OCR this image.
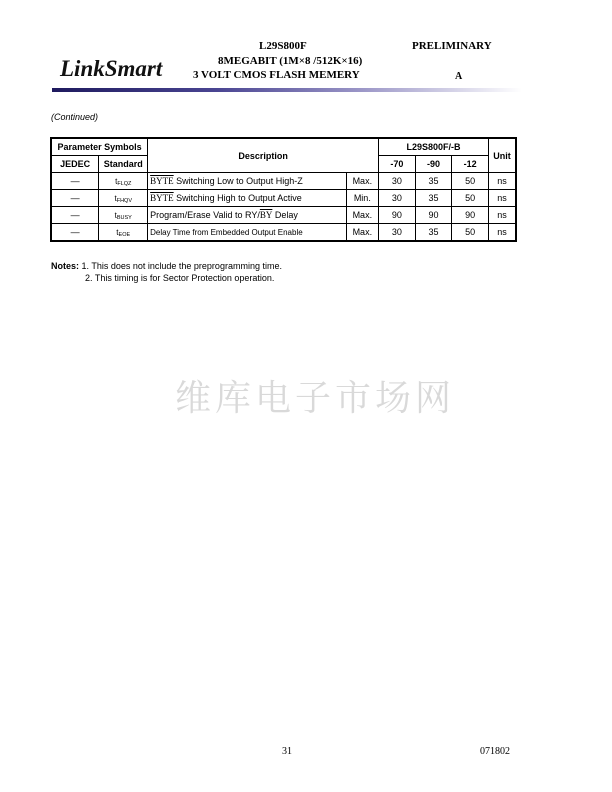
LinkSmart
L29S800F	PRELIMINARY
8MEGABIT (1M×8 /512K×16)
3 VOLT CMOS FLASH MEMERY	A
(Continued)
Parameter Symbols		Description		L29S800F/-B			Unit
JEDEC	Standard			-70	-90	-12	
—	$t_{FLQZ}$	BYTE Switching Low to Output High-Z	Max.	30	35	50	ns
—	$t_{FHQV}$	BYTE Switching High to Output Active	Min.	30	35	50	ns
—	$t_{BUSY}$	Program/Erase Valid to $RY/\overline{BY}$ Delay	Max.	90	90	90	ns
—	$t_{EOE}$	Delay Time from Embedded Output Enable	Max.	30	35	50	ns
Notes: 1. This does not include the preprogramming time.
2. This timing is for Sector Protection operation.
维库电子市场网
31	071802
